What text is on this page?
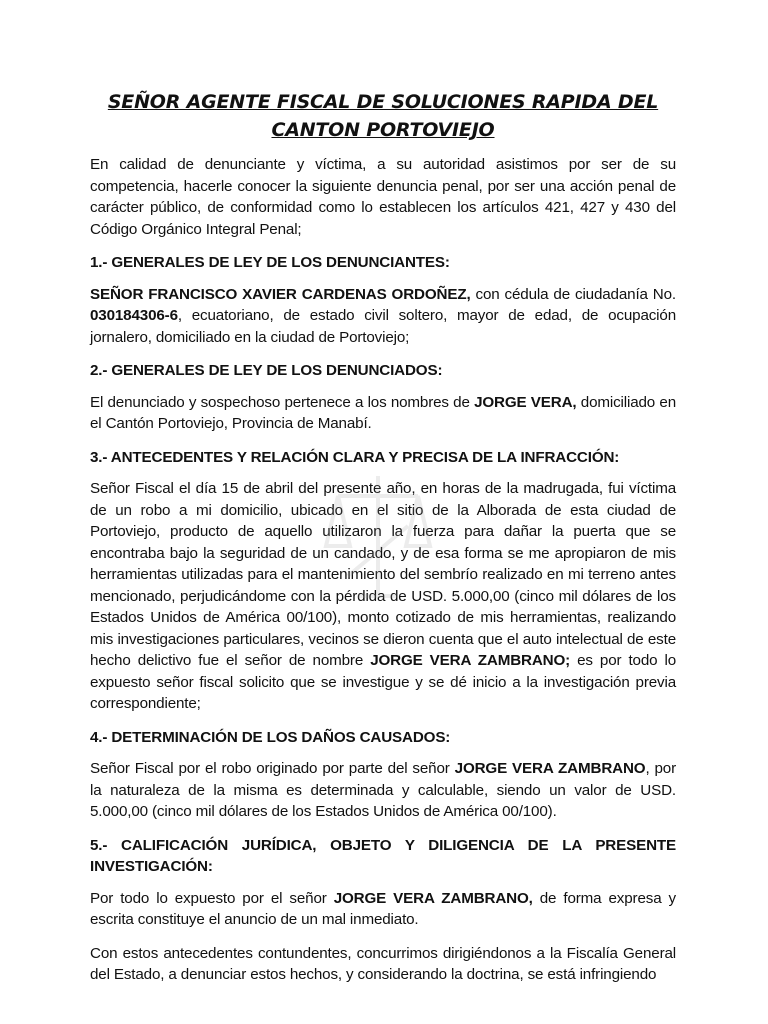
SEÑOR AGENTE FISCAL DE SOLUCIONES RAPIDA DEL
CANTON PORTOVIEJO

En calidad de denunciante y víctima, a su autoridad asistimos por ser de su competencia, hacerle conocer la siguiente denuncia penal, por ser una acción penal de carácter público, de conformidad como lo establecen los artículos 421, 427 y 430 del Código Orgánico Integral Penal;

1.- GENERALES DE LEY DE LOS DENUNCIANTES:

SEÑOR FRANCISCO XAVIER CARDENAS ORDOÑEZ, con cédula de ciudadanía No. 030184306-6, ecuatoriano, de estado civil soltero, mayor de edad, de ocupación jornalero, domiciliado en la ciudad de Portoviejo;

2.- GENERALES DE LEY DE LOS DENUNCIADOS:

El denunciado y sospechoso pertenece a los nombres de JORGE VERA, domiciliado en el Cantón Portoviejo, Provincia de Manabí.

3.- ANTECEDENTES Y RELACIÓN CLARA Y PRECISA DE LA INFRACCIÓN:

Señor Fiscal el día 15 de abril del presente año, en horas de la madrugada, fui víctima de un robo a mi domicilio, ubicado en el sitio de la Alborada de esta ciudad de Portoviejo, producto de aquello utilizaron la fuerza para dañar la puerta que se encontraba bajo la seguridad de un candado, y de esa forma se me apropiaron de mis herramientas utilizadas para el mantenimiento del sembrío realizado en mi terreno antes mencionado, perjudicándome con la pérdida de USD. 5.000,00 (cinco mil dólares de los Estados Unidos de América 00/100), monto cotizado de mis herramientas, realizando mis investigaciones particulares, vecinos se dieron cuenta que el auto intelectual de este hecho delictivo fue el señor de nombre JORGE VERA ZAMBRANO; es por todo lo expuesto señor fiscal solicito que se investigue y se dé inicio a la investigación previa correspondiente;

4.- DETERMINACIÓN DE LOS DAÑOS CAUSADOS:

Señor Fiscal por el robo originado por parte del señor JORGE VERA ZAMBRANO, por la naturaleza de la misma es determinada y calculable, siendo un valor de USD. 5.000,00 (cinco mil dólares de los Estados Unidos de América 00/100).

5.- CALIFICACIÓN JURÍDICA, OBJETO Y DILIGENCIA DE LA PRESENTE INVESTIGACIÓN:

Por todo lo expuesto por el señor JORGE VERA ZAMBRANO, de forma expresa y escrita constituye el anuncio de un mal inmediato.

Con estos antecedentes contundentes, concurrimos dirigiéndonos a la Fiscalía General del Estado, a denunciar estos hechos, y considerando la doctrina, se está infringiendo
